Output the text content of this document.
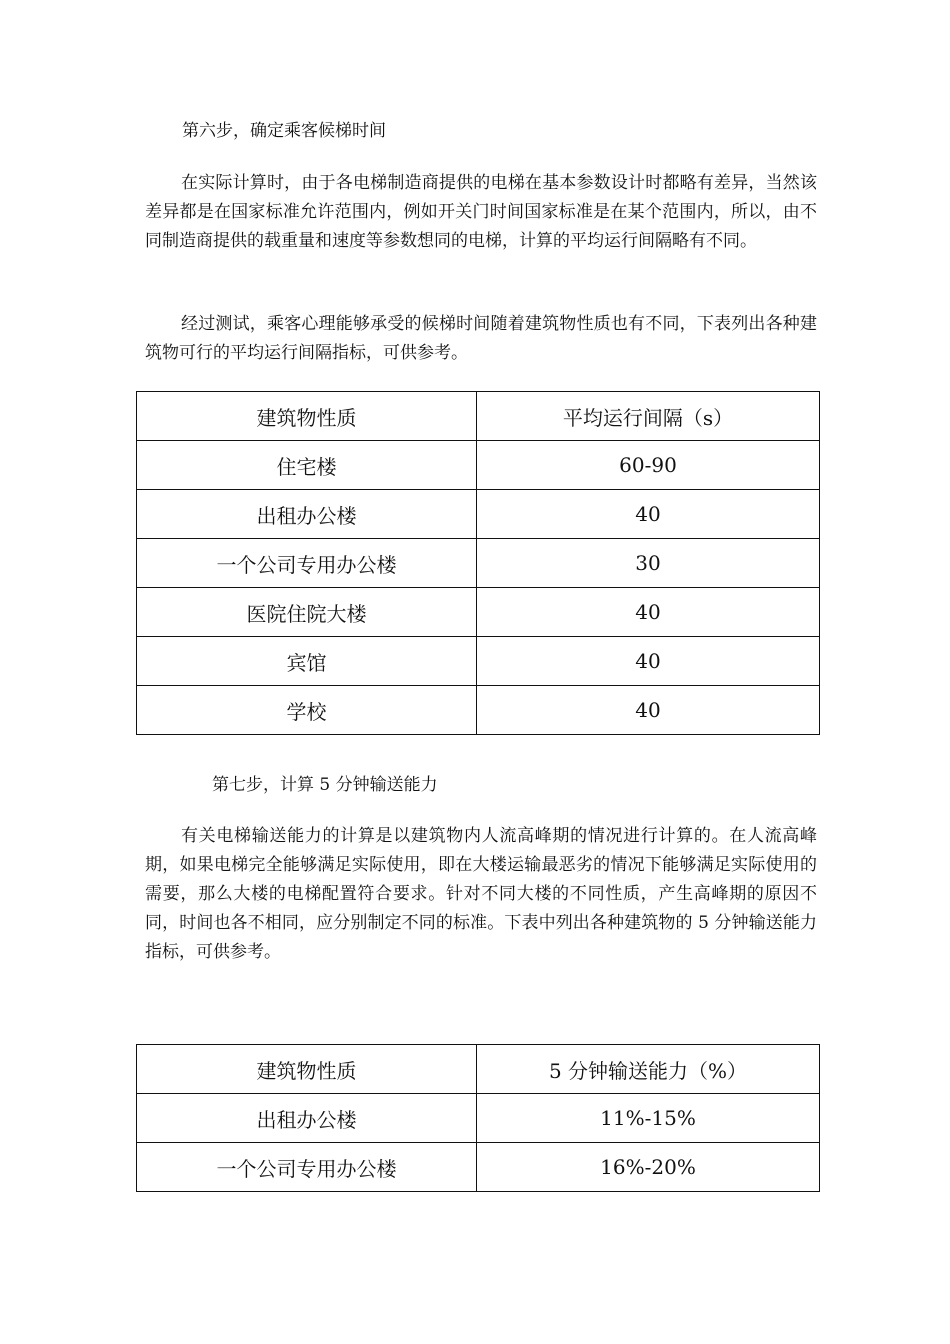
第六步，确定乘客候梯时间

在实际计算时，由于各电梯制造商提供的电梯在基本参数设计时都略有差异，当然该差异都是在国家标准允许范围内，例如开关门时间国家标准是在某个范围内，所以，由不同制造商提供的载重量和速度等参数想同的电梯，计算的平均运行间隔略有不同。

经过测试，乘客心理能够承受的候梯时间随着建筑物性质也有不同，下表列出各种建筑物可行的平均运行间隔指标，可供参考。

建筑物性质	平均运行间隔（s）
住宅楼	60-90
出租办公楼	40
一个公司专用办公楼	30
医院住院大楼	40
宾馆	40
学校	40
第七步，计算 5 分钟输送能力

有关电梯输送能力的计算是以建筑物内人流高峰期的情况进行计算的。在人流高峰期，如果电梯完全能够满足实际使用，即在大楼运输最恶劣的情况下能够满足实际使用的需要，那么大楼的电梯配置符合要求。针对不同大楼的不同性质，产生高峰期的原因不同，时间也各不相同，应分别制定不同的标准。下表中列出各种建筑物的 5 分钟输送能力指标，可供参考。

建筑物性质	5 分钟输送能力（%）
出租办公楼	11%-15%
一个公司专用办公楼	16%-20%
